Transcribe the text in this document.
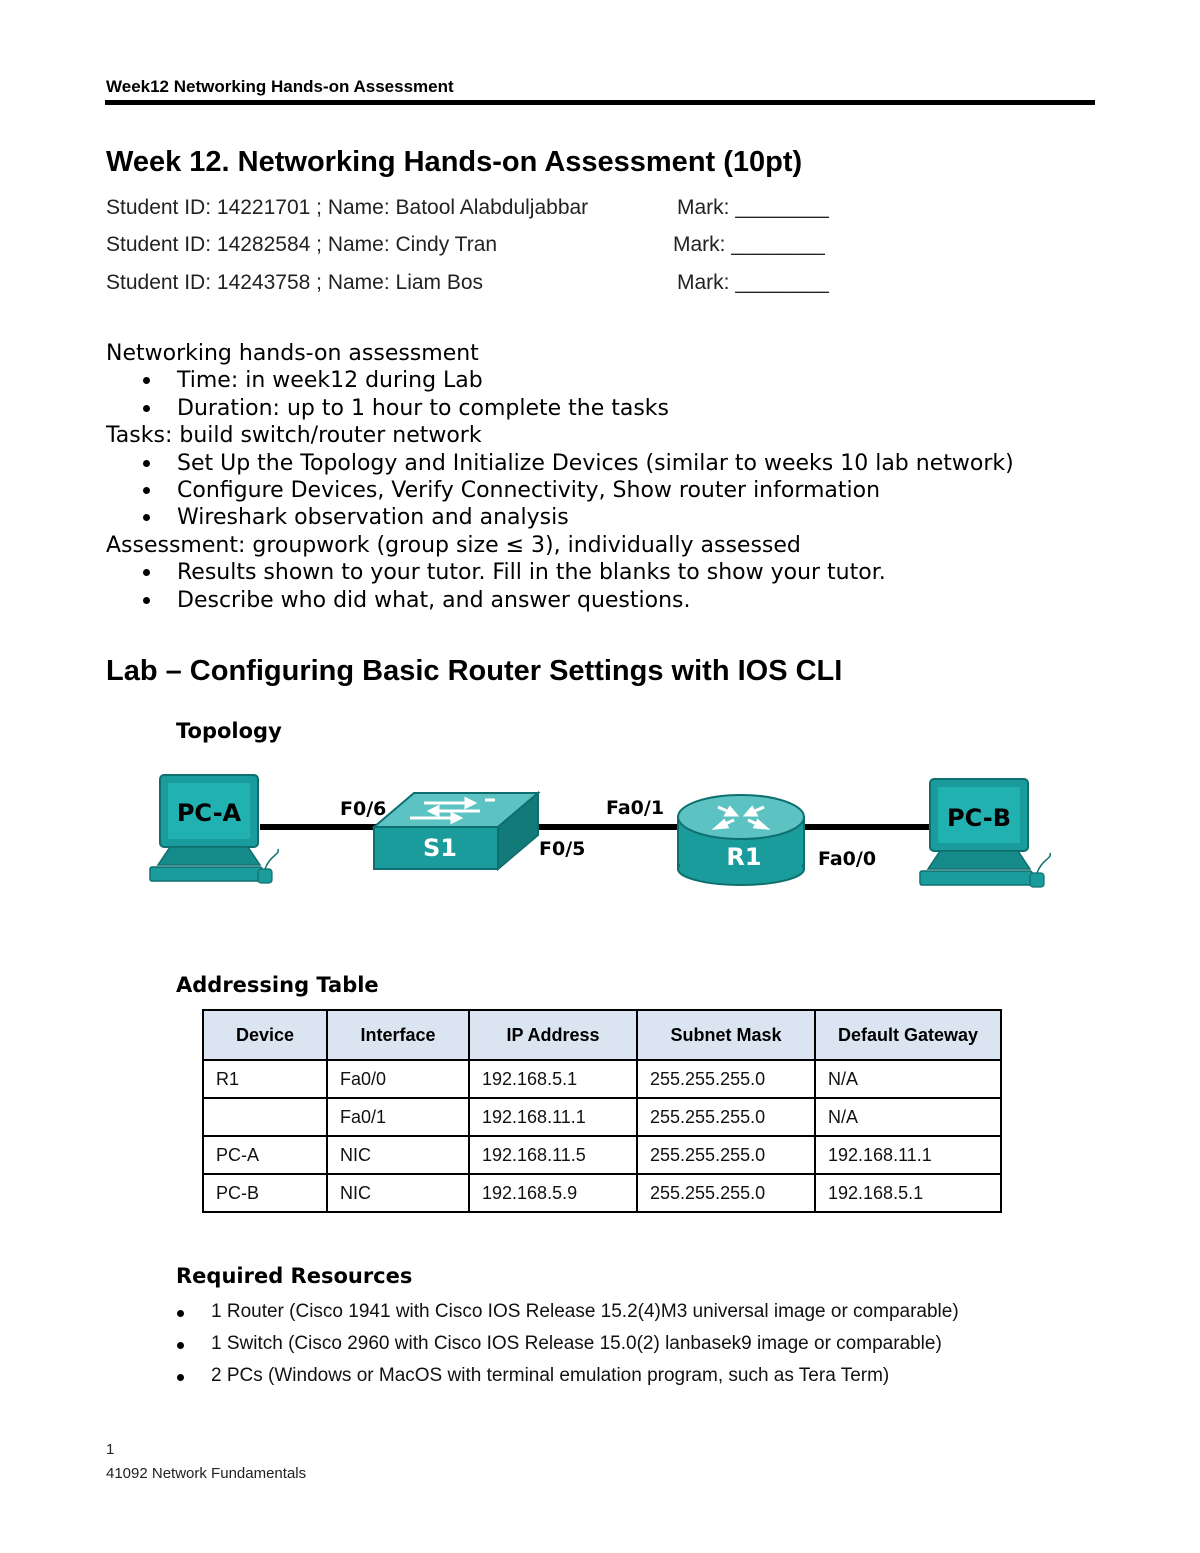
Week12 Networking Hands-on Assessment
Week 12. Networking Hands-on Assessment (10pt)
Student ID: 14221701 ; Name: Batool Alabduljabbar	Mark: ________
Student ID: 14282584 ; Name: Cindy Tran	Mark: ________
Student ID: 14243758 ; Name: Liam Bos	Mark: ________
Networking hands-on assessment
Time: in week12 during Lab
Duration: up to 1 hour to complete the tasks
Tasks: build switch/router network
Set Up the Topology and Initialize Devices (similar to weeks 10 lab network)
Configure Devices, Verify Connectivity, Show router information
Wireshark observation and analysis
Assessment: groupwork (group size ≤ 3), individually assessed
Results shown to your tutor. Fill in the blanks to show your tutor.
Describe who did what, and answer questions.
Lab – Configuring Basic Router Settings with IOS CLI
Topology
PC-A
S1	R1
PC-B
F0/6
F0/5
Fa0/1
Fa0/0
Addressing Table
Device	Interface	IP Address	Subnet Mask	Default Gateway
R1	Fa0/0	192.168.5.1	255.255.255.0	N/A
	Fa0/1	192.168.11.1	255.255.255.0	N/A
PC-A	NIC	192.168.11.5	255.255.255.0	192.168.11.1
PC-B	NIC	192.168.5.9	255.255.255.0	192.168.5.1
Required Resources
1 Router (Cisco 1941 with Cisco IOS Release 15.2(4)M3 universal image or comparable)
1 Switch (Cisco 2960 with Cisco IOS Release 15.0(2) lanbasek9 image or comparable)
2 PCs (Windows or MacOS with terminal emulation program, such as Tera Term)
1
41092 Network Fundamentals
